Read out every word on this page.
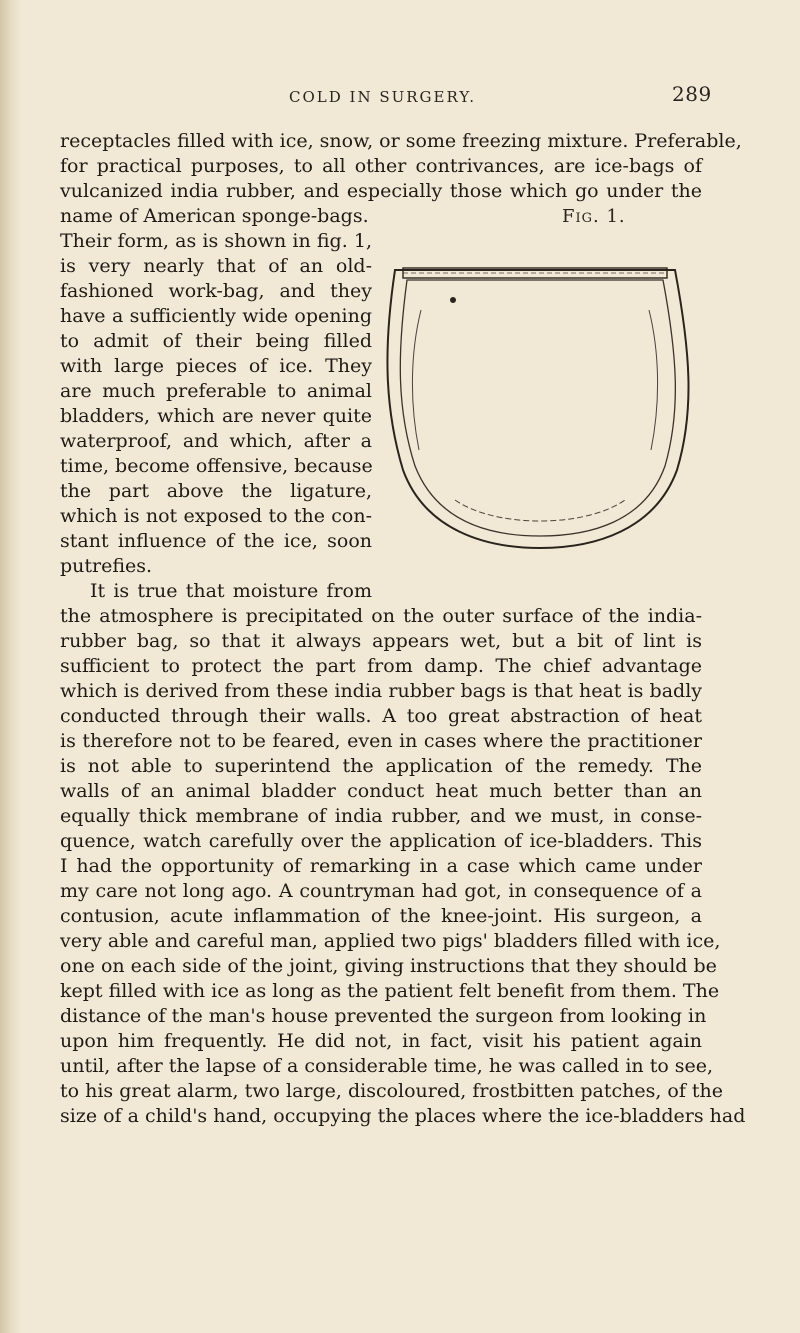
COLD IN SURGERY.	289
receptacles filled with ice, snow, or some freezing mixture. Preferable,
for practical purposes, to all other contrivances, are ice-bags of
vulcanized india rubber, and especially those which go under the
name of American sponge-bags.
Their form, as is shown in fig. 1,
is very nearly that of an old-
fashioned work-bag, and they
have a sufficiently wide opening
to admit of their being filled
with large pieces of ice. They
are much preferable to animal
bladders, which are never quite
waterproof, and which, after a
time, become offensive, because
the part above the ligature,
which is not exposed to the con-
stant influence of the ice, soon
putrefies.
It is true that moisture from
the atmosphere is precipitated on the outer surface of the india-
rubber bag, so that it always appears wet, but a bit of lint is
sufficient to protect the part from damp. The chief advantage
which is derived from these india rubber bags is that heat is badly
conducted through their walls. A too great abstraction of heat
is therefore not to be feared, even in cases where the practitioner
is not able to superintend the application of the remedy. The
walls of an animal bladder conduct heat much better than an
equally thick membrane of india rubber, and we must, in conse-
quence, watch carefully over the application of ice-bladders. This
I had the opportunity of remarking in a case which came under
my care not long ago. A countryman had got, in consequence of a
contusion, acute inflammation of the knee-joint. His surgeon, a
very able and careful man, applied two pigs' bladders filled with ice,
one on each side of the joint, giving instructions that they should be
kept filled with ice as long as the patient felt benefit from them. The
distance of the man's house prevented the surgeon from looking in
upon him frequently. He did not, in fact, visit his patient again
until, after the lapse of a considerable time, he was called in to see,
to his great alarm, two large, discoloured, frostbitten patches, of the
size of a child's hand, occupying the places where the ice-bladders had
Fig. 1.
